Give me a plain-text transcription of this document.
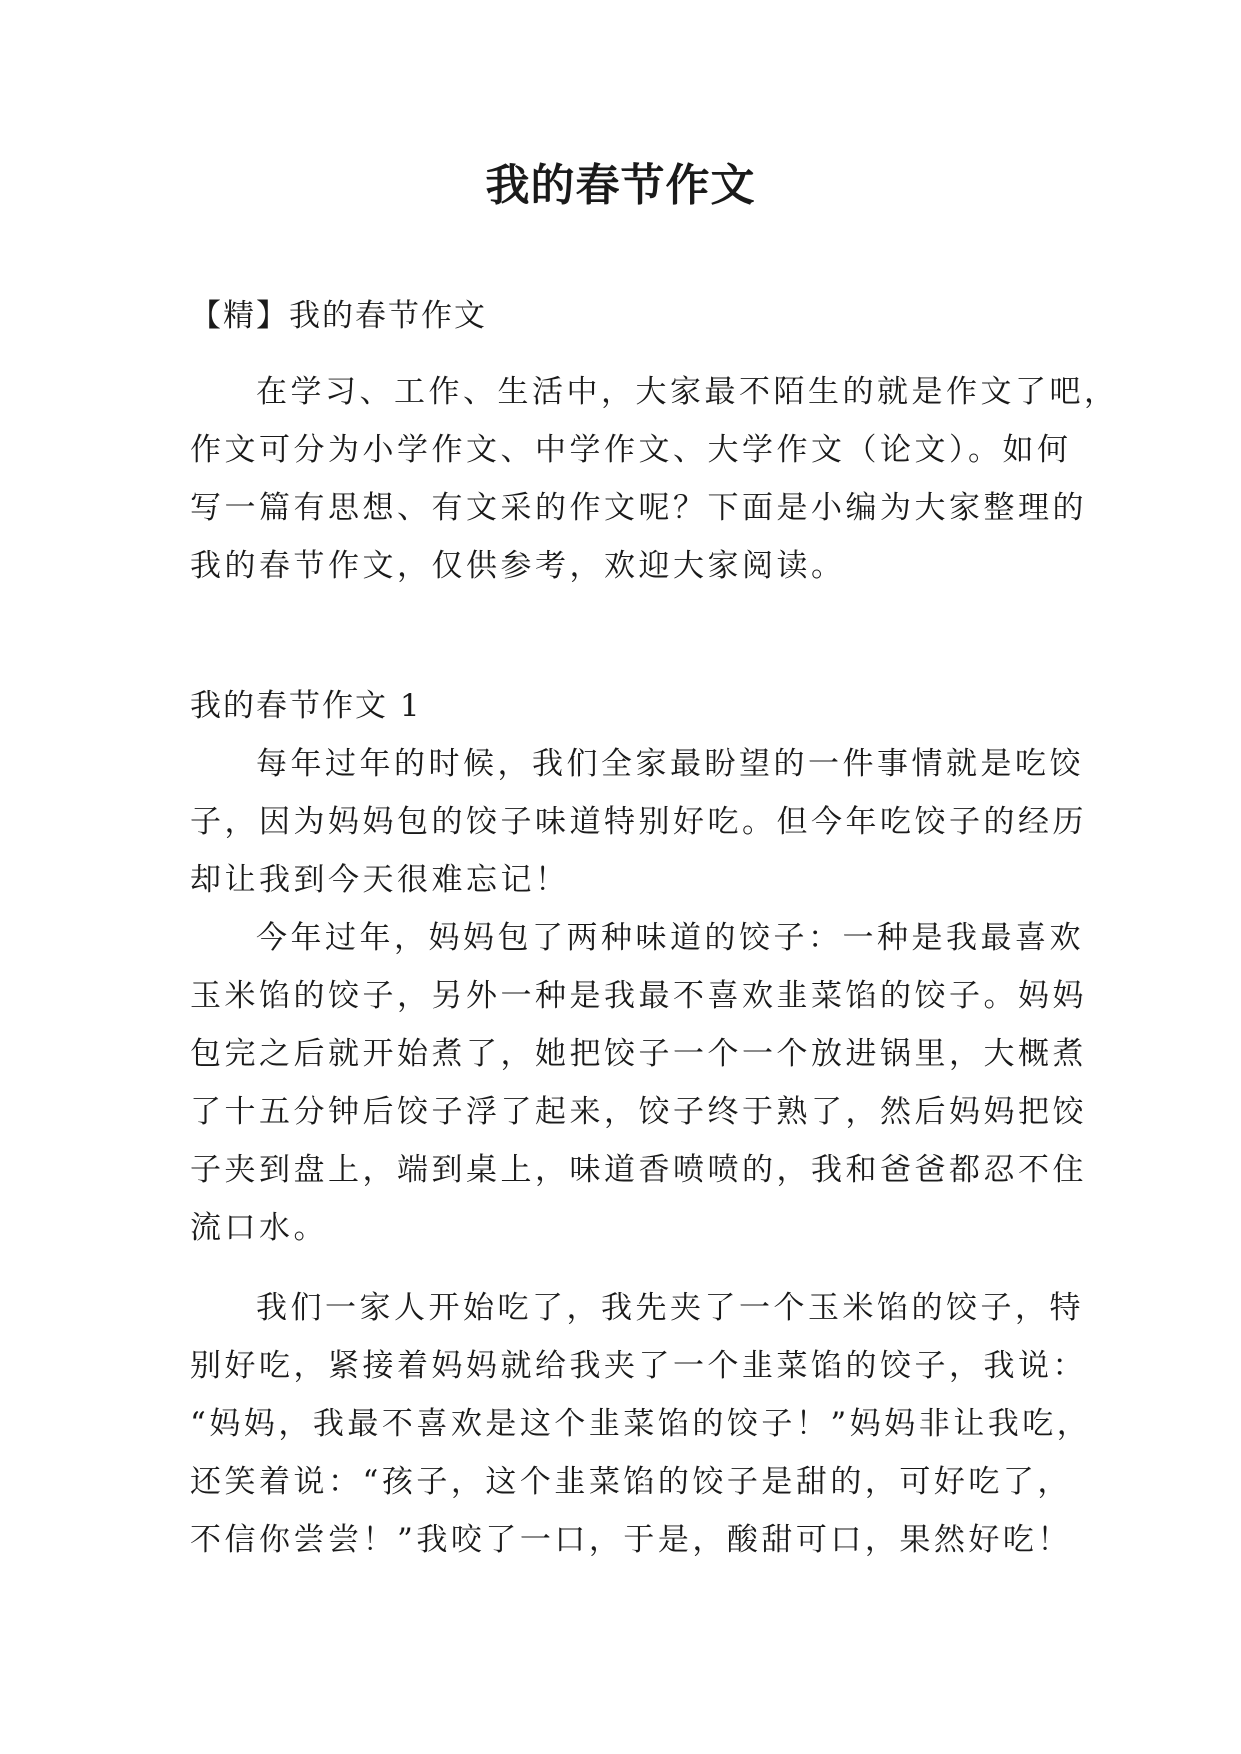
我的春节作文
【精】我的春节作文
在学习、工作、生活中，大家最不陌生的就是作文了吧，
作文可分为小学作文、中学作文、大学作文（论文）。如何
写一篇有思想、有文采的作文呢？下面是小编为大家整理的
我的春节作文，仅供参考，欢迎大家阅读。
我的春节作文 1
每年过年的时候，我们全家最盼望的一件事情就是吃饺
子，因为妈妈包的饺子味道特别好吃。但今年吃饺子的经历
却让我到今天很难忘记！
今年过年，妈妈包了两种味道的饺子：一种是我最喜欢
玉米馅的饺子，另外一种是我最不喜欢韭菜馅的饺子。妈妈
包完之后就开始煮了，她把饺子一个一个放进锅里，大概煮
了十五分钟后饺子浮了起来，饺子终于熟了，然后妈妈把饺
子夹到盘上，端到桌上，味道香喷喷的，我和爸爸都忍不住
流口水。
我们一家人开始吃了，我先夹了一个玉米馅的饺子，特
别好吃，紧接着妈妈就给我夹了一个韭菜馅的饺子，我说：
“妈妈，我最不喜欢是这个韭菜馅的饺子！”妈妈非让我吃，
还笑着说：“孩子，这个韭菜馅的饺子是甜的，可好吃了，
不信你尝尝！”我咬了一口，于是，酸甜可口，果然好吃！
